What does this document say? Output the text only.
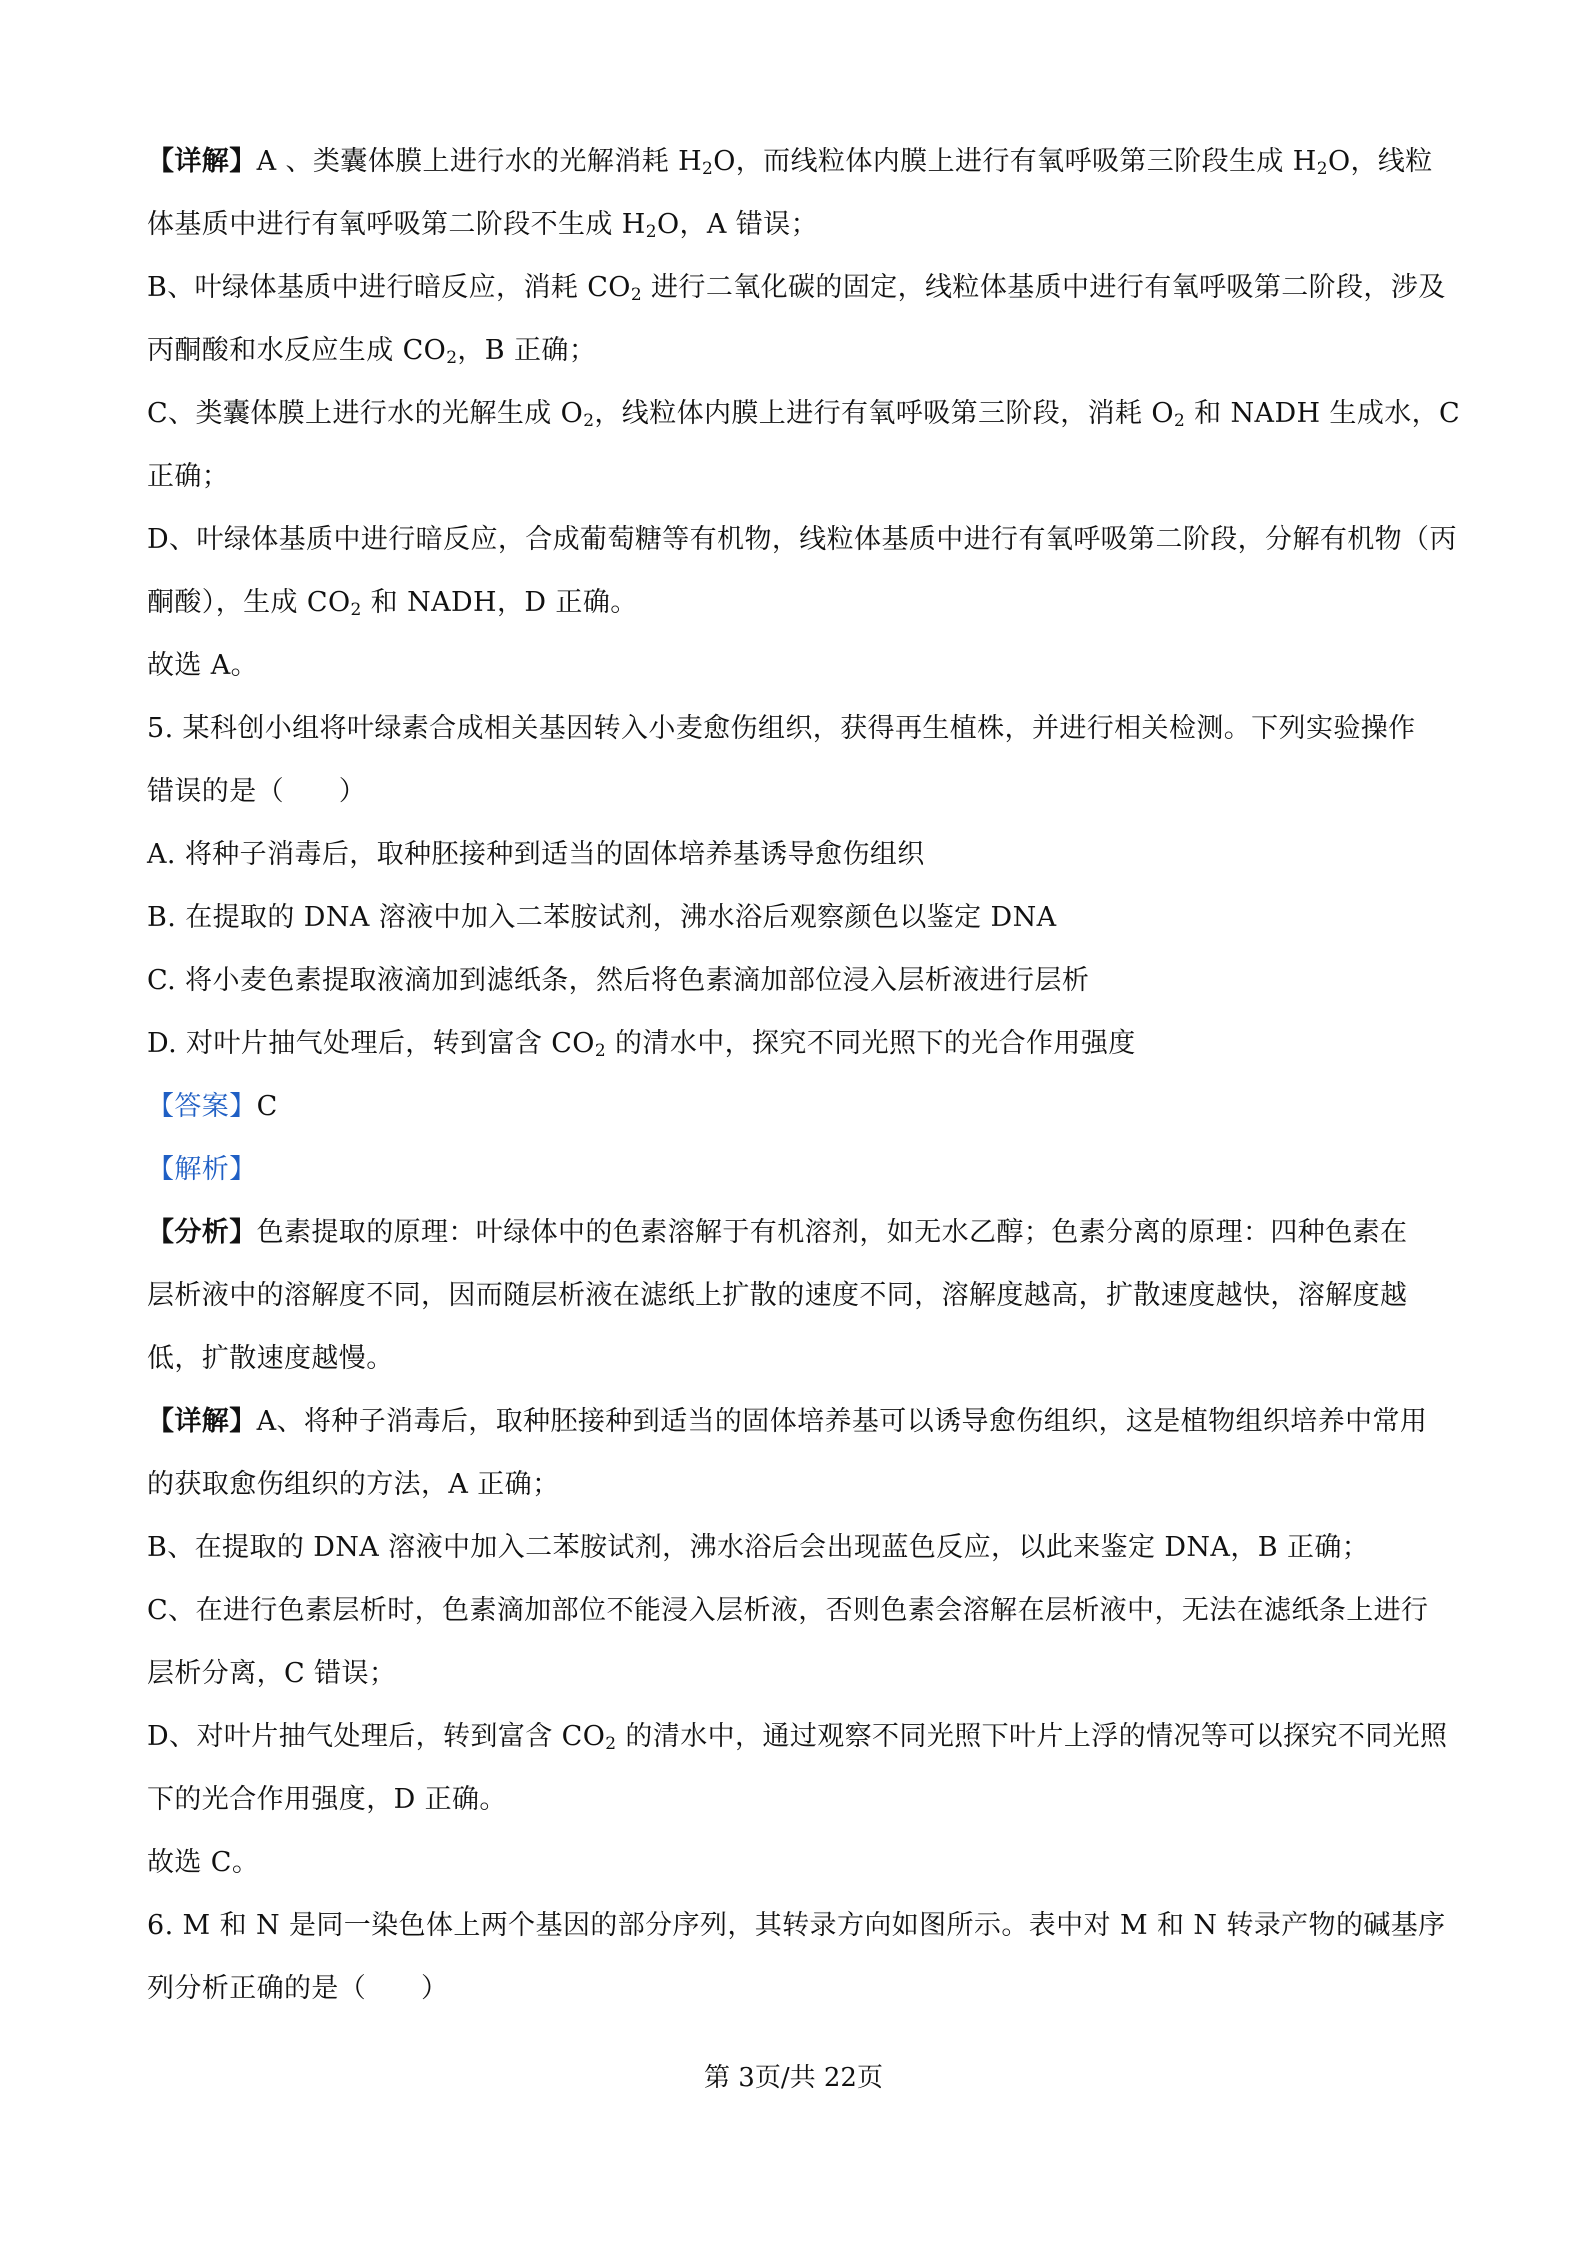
【详解】A 、类囊体膜上进行水的光解消耗 $H_2O$，而线粒体内膜上进行有氧呼吸第三阶段生成 $H_2O$，线粒
体基质中进行有氧呼吸第二阶段不生成 $H_2O$，A 错误；
B、叶绿体基质中进行暗反应，消耗 $CO_2$ 进行二氧化碳的固定，线粒体基质中进行有氧呼吸第二阶段，涉及
丙酮酸和水反应生成 $CO_2$，B 正确；
C、类囊体膜上进行水的光解生成 $O_2$，线粒体内膜上进行有氧呼吸第三阶段，消耗 $O_2$ 和 NADH 生成水，C
正确；
D、叶绿体基质中进行暗反应，合成葡萄糖等有机物，线粒体基质中进行有氧呼吸第二阶段，分解有机物（丙
酮酸），生成 $CO_2$ 和 NADH，D 正确。
故选 A。
5. 某科创小组将叶绿素合成相关基因转入小麦愈伤组织，获得再生植株，并进行相关检测。下列实验操作
错误的是（　　）
A. 将种子消毒后，取种胚接种到适当的固体培养基诱导愈伤组织
B. 在提取的 DNA 溶液中加入二苯胺试剂，沸水浴后观察颜色以鉴定 DNA
C. 将小麦色素提取液滴加到滤纸条，然后将色素滴加部位浸入层析液进行层析
D. 对叶片抽气处理后，转到富含 $CO_2$ 的清水中，探究不同光照下的光合作用强度
【答案】C
【解析】
【分析】色素提取的原理：叶绿体中的色素溶解于有机溶剂，如无水乙醇；色素分离的原理：四种色素在
层析液中的溶解度不同，因而随层析液在滤纸上扩散的速度不同，溶解度越高，扩散速度越快，溶解度越
低，扩散速度越慢。
【详解】A、将种子消毒后，取种胚接种到适当的固体培养基可以诱导愈伤组织，这是植物组织培养中常用
的获取愈伤组织的方法，A 正确；
B、在提取的 DNA 溶液中加入二苯胺试剂，沸水浴后会出现蓝色反应，以此来鉴定 DNA，B 正确；
C、在进行色素层析时，色素滴加部位不能浸入层析液，否则色素会溶解在层析液中，无法在滤纸条上进行
层析分离，C 错误；
D、对叶片抽气处理后，转到富含 $CO_2$ 的清水中，通过观察不同光照下叶片上浮的情况等可以探究不同光照
下的光合作用强度，D 正确。
故选 C。
6. M 和 N 是同一染色体上两个基因的部分序列，其转录方向如图所示。表中对 M 和 N 转录产物的碱基序
列分析正确的是（　　）
第 3页/共 22页
